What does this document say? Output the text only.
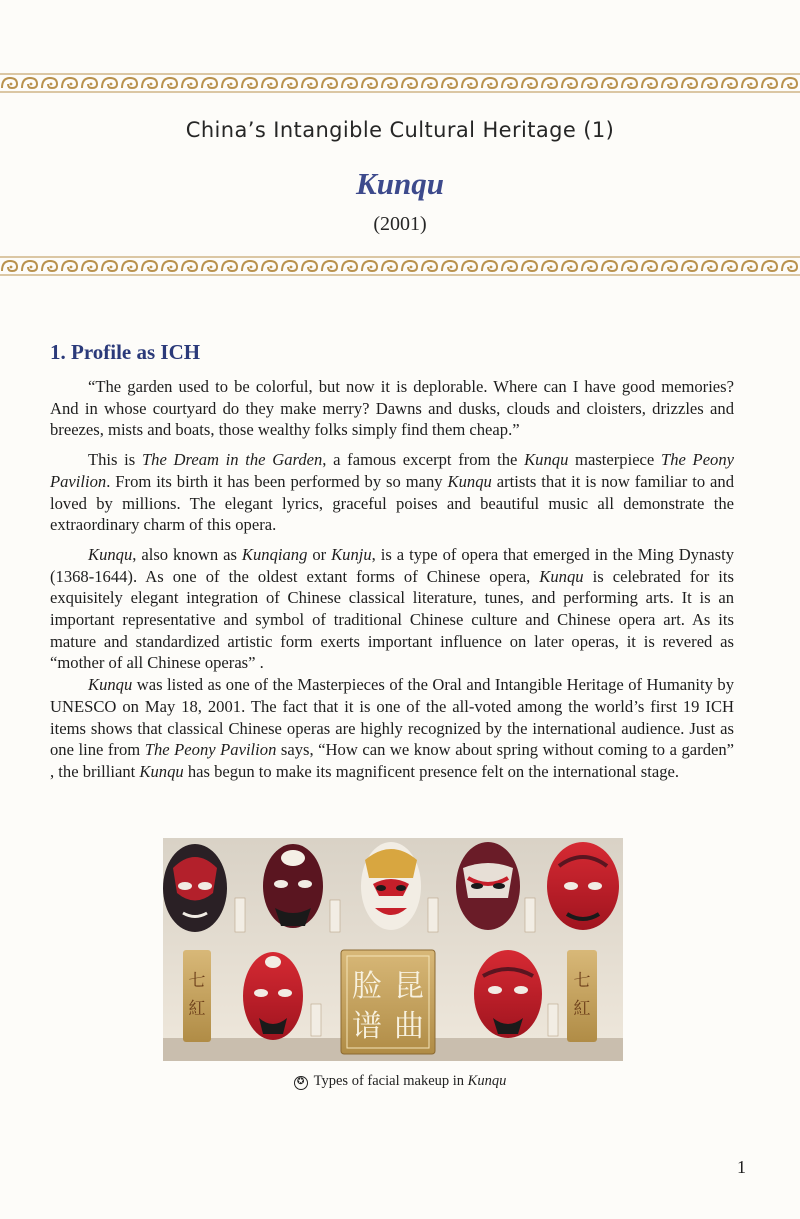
China’s Intangible Cultural Heritage (1)
Kunqu
(2001)
1. Profile as ICH

“The garden used to be colorful, but now it is deplorable. Where can I have good memories? And in whose courtyard do they make merry? Dawns and dusks, clouds and cloisters, drizzles and breezes, mists and boats, those wealthy folks simply find them cheap.”

This is The Dream in the Garden, a famous excerpt from the Kunqu masterpiece The Peony Pavilion. From its birth it has been performed by so many Kunqu artists that it is now familiar to and loved by millions. The elegant lyrics, graceful poises and beautiful music all demonstrate the extraordinary charm of this opera.

Kunqu, also known as Kunqiang or Kunju, is a type of opera that emerged in the Ming Dynasty (1368-1644). As one of the oldest extant forms of Chinese opera, Kunqu is celebrated for its exquisitely elegant integration of Chinese classical literature, tunes, and performing arts. It is an important representative and symbol of traditional Chinese culture and Chinese opera art. As its mature and standardized artistic form exerts important influence on later operas, it is revered as “mother of all Chinese operas” .

Kunqu was listed as one of the Masterpieces of the Oral and Intangible Heritage of Humanity by UNESCO on May 18, 2001. The fact that it is one of the all-voted among the world’s first 19 ICH items shows that classical Chinese operas are highly recognized by the international audience. Just as one line from The Peony Pavilion says, “How can we know about spring without coming to a garden” , the brilliant Kunqu has begun to make its magnificent presence felt on the international stage.

七
紅
昆
曲
脸
谱
七
紅
✪ Types of facial makeup in Kunqu
1
